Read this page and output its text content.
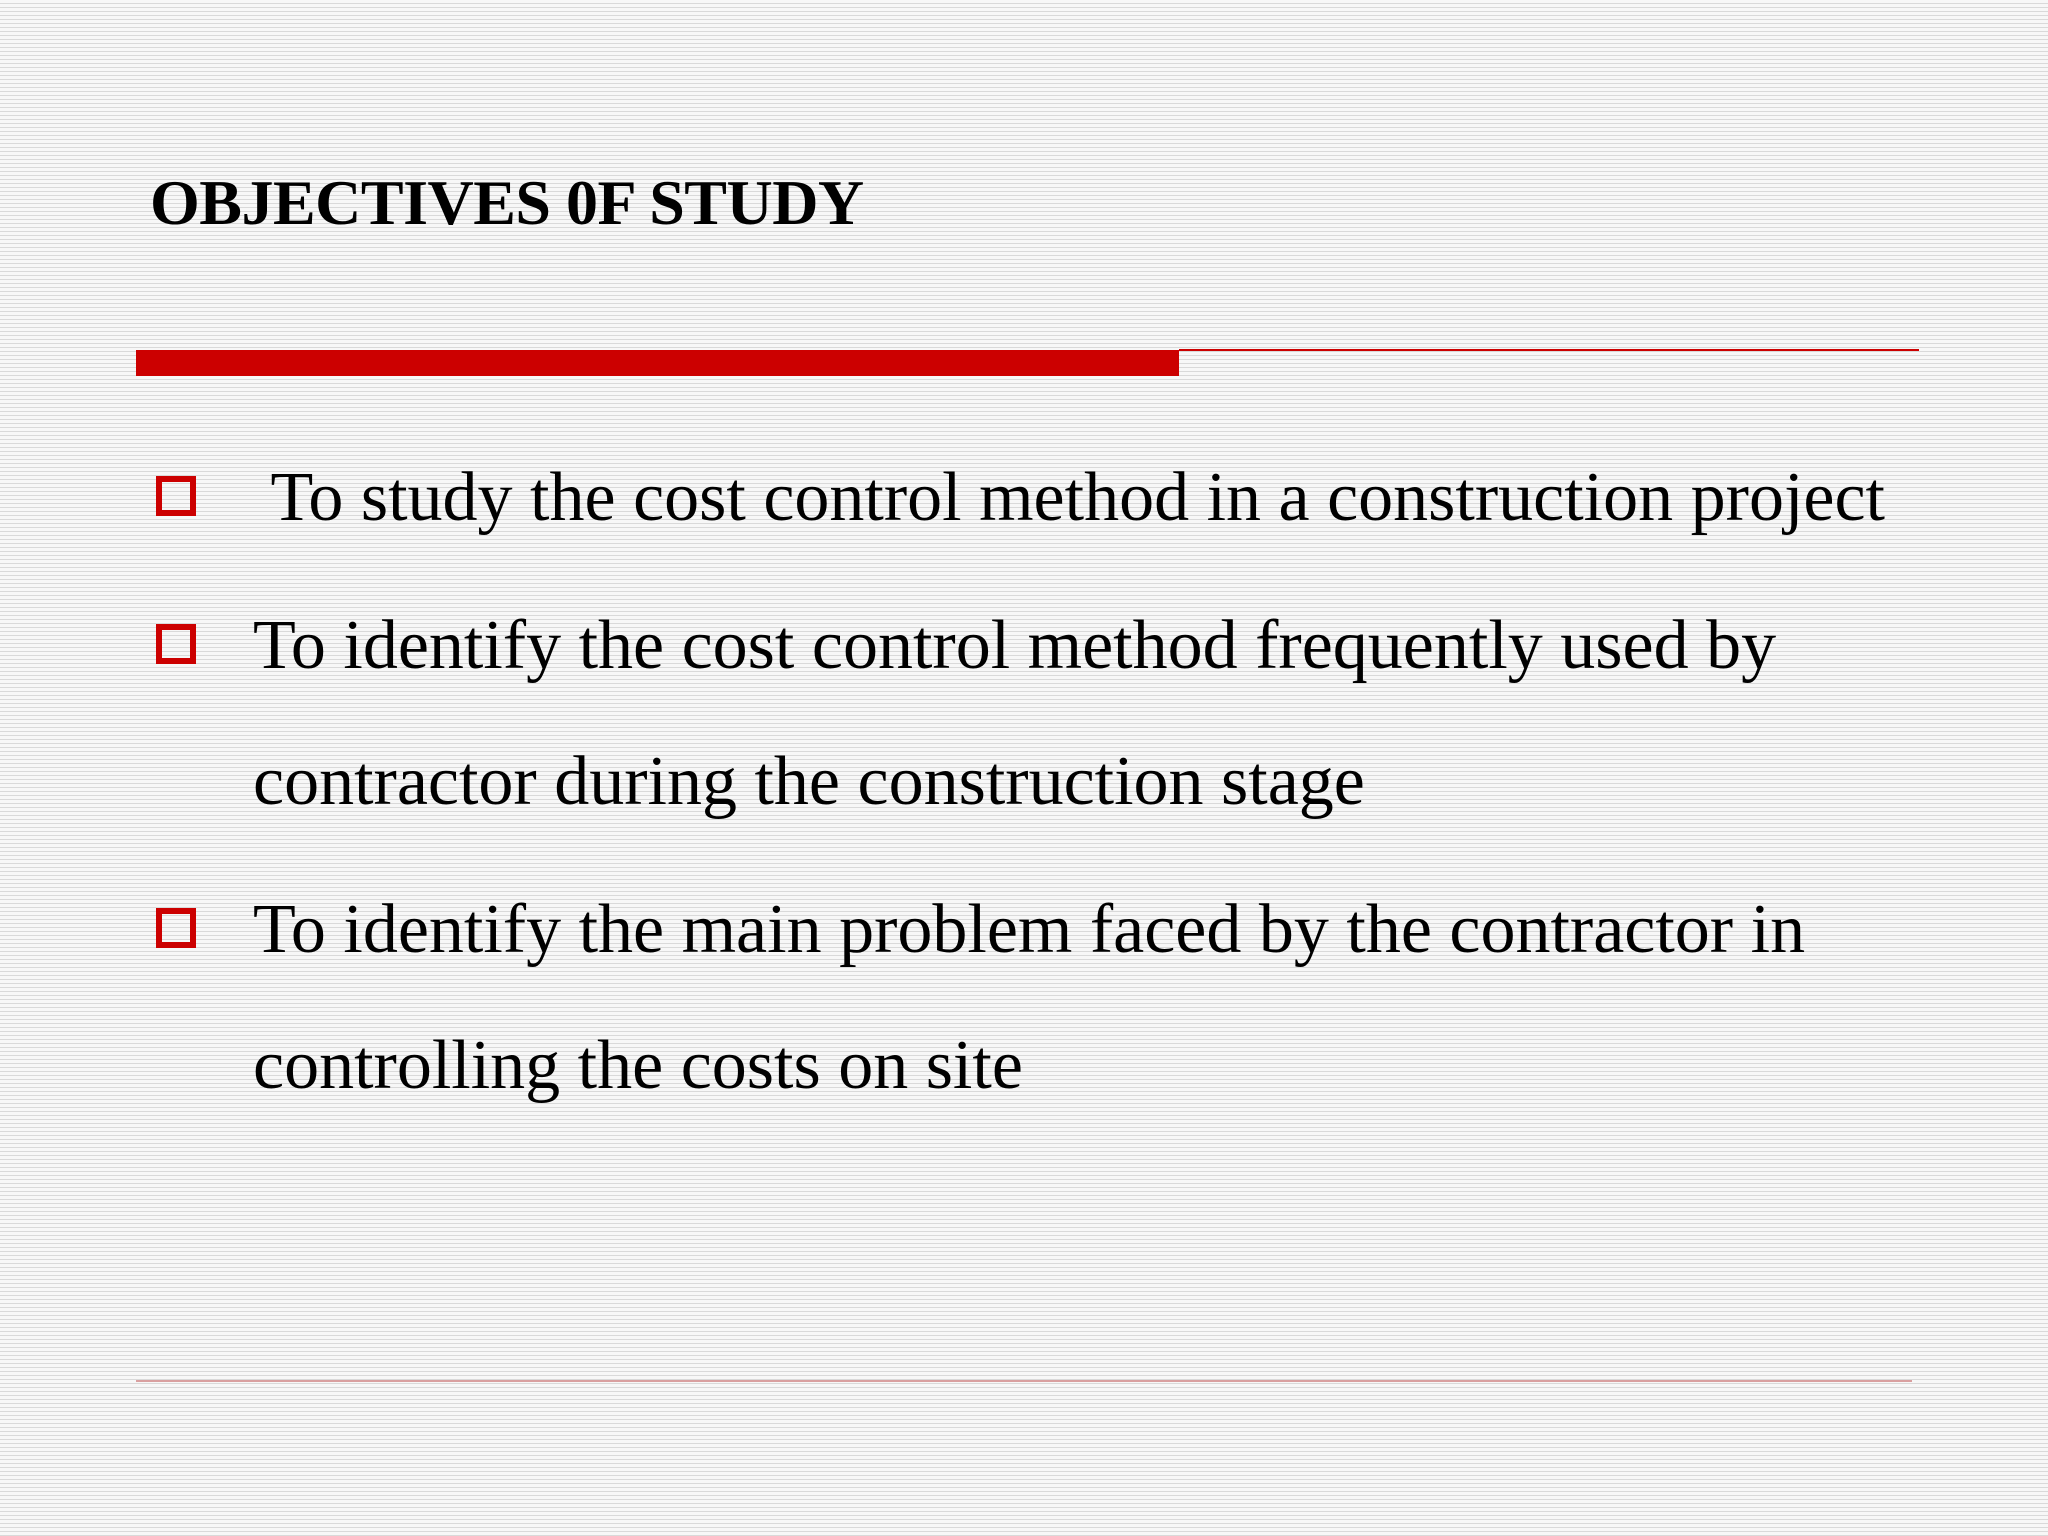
OBJECTIVES 0F STUDY
To study the cost control method in a construction project
To identify the cost control method frequently used by contractor during the construction stage
To identify the main problem faced by the contractor in controlling the costs on site
